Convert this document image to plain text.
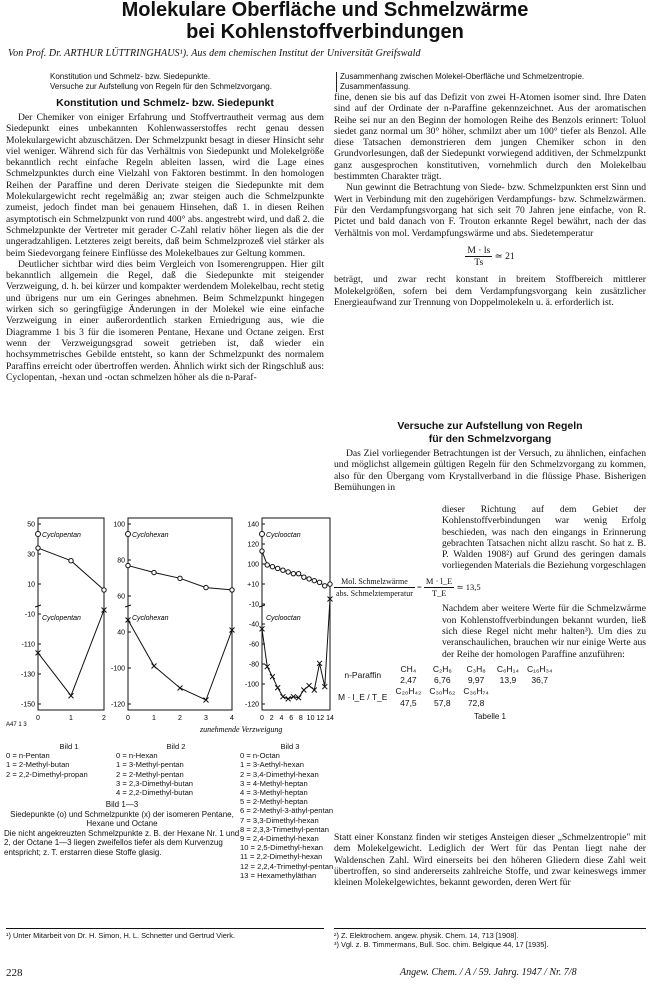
Molekulare Oberfläche und Schmelzwärme
bei Kohlenstoffverbindungen
Von Prof. Dr. ARTHUR LÜTTRINGHAUS¹). Aus dem chemischen Institut der Universität Greifswald
Konstitution und Schmelz- bzw. Siedepunkte.
Versuche zur Aufstellung von Regeln für den Schmelzvorgang.
Zusammenhang zwischen Molekel-Oberfläche und Schmelzentropie.
Zusammenfassung.
Konstitution und Schmelz- bzw. Siedepunkt

Der Chemiker von einiger Erfahrung und Stoffvertrautheit vermag aus dem Siedepunkt eines unbekannten Kohlenwasserstoffes recht genau dessen Molekulargewicht abzuschätzen. Der Schmelzpunkt besagt in dieser Hinsicht sehr viel weniger. Während sich für das Verhältnis von Siedepunkt und Molekelgröße bekanntlich recht einfache Regeln ableiten lassen, wird die Lage eines Schmelzpunktes durch eine Vielzahl von Faktoren bestimmt. In den homologen Reihen der Paraffine und deren Derivate steigen die Siedepunkte mit dem Molekulargewicht recht regelmäßig an; zwar steigen auch die Schmelzpunkte zumeist, jedoch findet man bei genauem Hinsehen, daß 1. in diesen Reihen asymptotisch ein Schmelzpunkt von rund 400° abs. angestrebt wird, und daß 2. die Schmelzpunkte der Vertreter mit gerader C-Zahl relativ höher liegen als die der ungeradzahligen. Letzteres zeigt bereits, daß beim Schmelzprozeß viel stärker als beim Siedevorgang feinere Einflüsse des Molekelbaues zur Geltung kommen.

Deutlicher sichtbar wird dies beim Vergleich von Isomerengruppen. Hier gilt bekanntlich allgemein die Regel, daß die Siedepunkte mit steigender Verzweigung, d. h. bei kürzer und kompakter werdendem Molekelbau, recht stetig und übrigens nur um ein Geringes abnehmen. Beim Schmelzpunkt hingegen wirken sich so geringfügige Änderungen in der Molekel wie eine einfache Verzweigung in einer außerordentlich starken Erniedrigung aus, wie die Diagramme 1 bis 3 für die isomeren Pentane, Hexane und Octane zeigen. Erst wenn der Verzweigungsgrad soweit getrieben ist, daß wieder ein hochsymmetrisches Gebilde entsteht, so kann der Schmelzpunkt des normalem Paraffins erreicht oder übertroffen werden. Ähnlich wirkt sich der Ringschluß aus: Cyclopentan, -hexan und -octan schmelzen höher als die n-Paraf-

fine, denen sie bis auf das Defizit von zwei H-Atomen isomer sind. Ihre Daten sind auf der Ordinate der n-Paraffine gekennzeichnet. Aus der aromatischen Reihe sei nur an den Beginn der homologen Reihe des Benzols erinnert: Toluol siedet ganz normal um 30° höher, schmilzt aber um 100° tiefer als Benzol. Alle diese Tatsachen demonstrieren dem jungen Chemiker schon in den Grundvorlesungen, daß der Siedepunkt vorwiegend additiven, der Schmelzpunkt ganz ausgesprochen konstitutiven, vornehmlich durch den Molekelbau bestimmten Charakter trägt.

Nun gewinnt die Betrachtung von Siede- bzw. Schmelzpunkten erst Sinn und Wert in Verbindung mit den zugehörigen Verdampfungs- bzw. Schmelzwärmen. Für den Verdampfungsvorgang hat sich seit 70 Jahren jene einfache, von R. Pictet und bald danach von F. Trouton erkannte Regel bewährt, nach der das Verhältnis von mol. Verdampfungswärme und abs. Siedetemperatur

$\frac{M \cdot ls}{Ts}$ ≃ 21

beträgt, und zwar recht konstant in breitem Stoffbereich mittlerer Molekelgrößen, sofern bei dem Verdampfungsvorgang kein zusätzlicher Energieaufwand zur Trennung von Doppelmolekeln u. ä. erforderlich ist.

Versuche zur Aufstellung von Regeln
für den Schmelzvorgang

Das Ziel vorliegender Betrachtungen ist der Versuch, zu ähnlichen, einfachen und möglichst allgemein gültigen Regeln für den Schmelzvorgang zu kommen, also für den Übergang vom Krystallverband in die flüssige Phase. Bisherigen Bemühungen in

dieser Richtung auf dem Gebiet der Kohlenstoffverbindungen war wenig Erfolg beschieden, was nach den eingangs in Erinnerung gebrachten Tatsachen nicht allzu rascht. So hat z. B. P. Walden 1908²) auf Grund des geringen damals vorliegenden Materials die Beziehung vorgeschlagen

$\frac{\text{Mol. Schmelzwärme}}{\text{abs. Schmelztemperatur}} = \frac{M \cdot l\_E}{T\_E}$ ≃ 13,5

Nachdem aber weitere Werte für die Schmelzwärme von Kohlenstoffverbindungen bekannt wurden, ließ sich diese Regel nicht mehr halten³). Um dies zu veranschaulichen, brauchen wir nur einige Werte aus der Reihe der homologen Paraffine anzuführen:

n-Paraffin	CH₄	C₂H₆	C₃H₈	C₆H₁₄	C₁₆H₃₄
	2,47	6,76	9,97	13,9	36,7
M · l_E / T_E	C₂₀H₄₂	C₃₀H₆₂	C₃₆H₇₄		
	47,5	57,8	72,8		
Tabelle 1

Statt einer Konstanz finden wir stetiges Ansteigen dieser „Schmelzentropie" mit dem Molekelgewicht. Lediglich der Wert für das Pentan liegt nahe der Waldenschen Zahl. Wird einerseits bei den höheren Gliedern diese Zahl weit übertroffen, so sind andererseits zahlreiche Stoffe, und zwar keineswegs immer kleinen Molekelgewichtes, bekannt geworden, deren Wert für

Cyclopentan
Cyclopentan
50
30
10
-10
-110
-130
-150
0	1	2
Cyclohexan
Cyclohexan
100
80
60
40
-100
-120
0	1	2	3	4
Cyclooctan
Cyclooctan
140
120
100
+10
-10
-40
-60
-80
-100
-120
0 2 4 6 8 10 12 14
A47 1 3	zunehmende Verzweigung
Bild 1
0 = n-Pentan
1 = 2-Methyl-butan
2 = 2,2-Dimethyl-propan
Bild 2
0 = n-Hexan
1 = 3-Methyl-pentan
2 = 2-Methyl-pentan
3 = 2,3-Dimethyl-butan
4 = 2,2-Dimethyl-butan
Bild 3
0 = n-Octan
1 = 3-Aethyl-hexan
2 = 3,4-Dimethyl-hexan
3 = 4-Methyl-heptan
4 = 3-Methyl-heptan
5 = 2-Methyl-heptan
6 = 2-Methyl-3-äthyl-pentan
7 = 3,3-Dimethyl-hexan
8 = 2,3,3-Trimethyl-pentan
9 = 2,4-Dimethyl-hexan
10 = 2,5-Dimethyl-hexan
11 = 2,2-Dimethyl-hexan
12 = 2,2,4-Trimethyl-pentan
13 = Hexamethyläthan
Bild 1—3
Siedepunkte (o) und Schmelzpunkte (x) der isomeren Pentane, Hexane und Octane
Die nicht angekreuzten Schmelzpunkte z. B. der Hexane Nr. 1 und 2, der Octane 1—3 liegen zweifellos tiefer als dem Kurvenzug entspricht; z. T. erstarren diese Stoffe glasig.
¹) Unter Mitarbeit von Dr. H. Simon, H. L. Schnetter und Gertrud Vierk.	²) Z. Elektrochem. angew. physik. Chem. 14, 713 [1908].
³) Vgl. z. B. Timmermans, Bull. Soc. chim. Belgique 44, 17 [1935].
228	Angew. Chem. / A / 59. Jahrg. 1947 / Nr. 7/8
